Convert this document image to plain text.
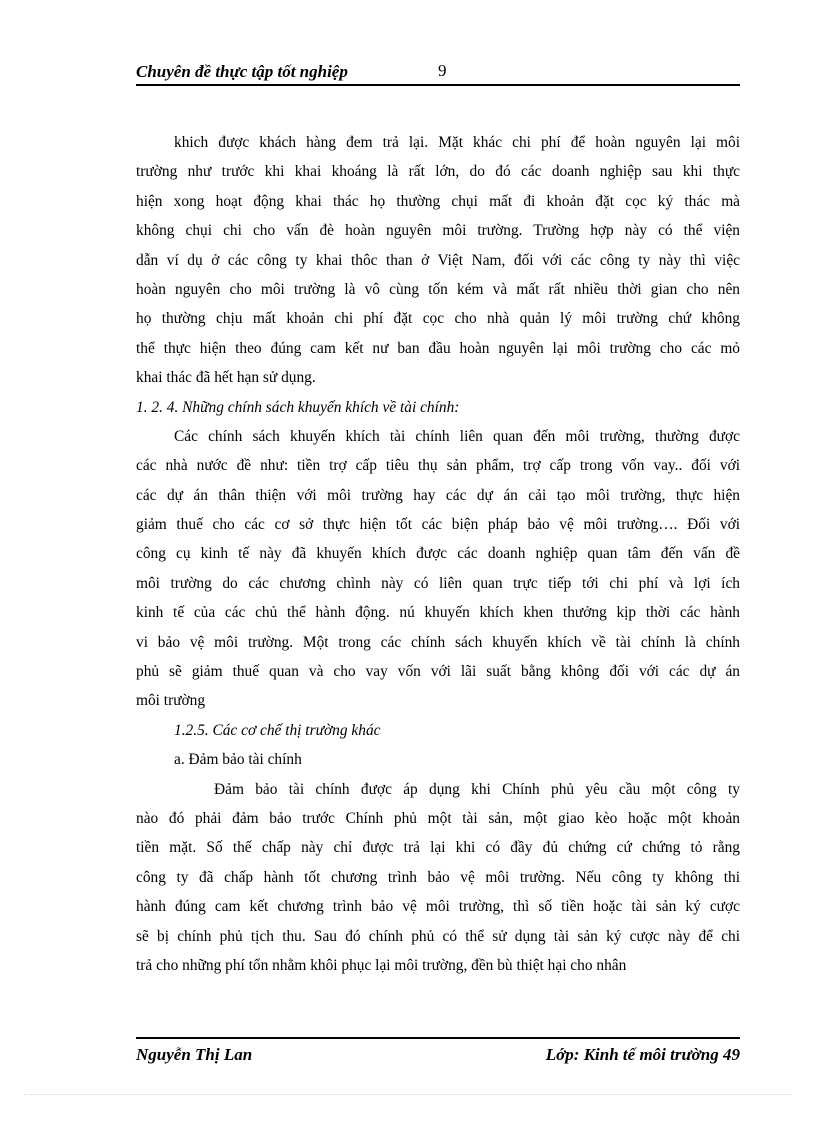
Chuyên đề thực tập tốt nghiệp	9
khich được khách hàng đem trả lại. Mặt khác chi phí để hoàn nguyên lại môi
trường như trước khi khai khoáng là rất lớn, do đó các doanh nghiệp sau khi thực
hiện xong hoạt động khai thác họ thường chụi mất đi khoản đặt cọc ký thác mà
không chụi chi cho vấn đè hoàn nguyên môi trường. Trường hợp này có thể viện
dẫn ví dụ ở các công ty khai thôc than ở Việt Nam, đối với các công ty này thì việc
hoàn nguyên cho môi trường là vô cùng tốn kém và mất rất nhiều thời gian cho nên
họ thường chịu mất khoản chi phí đặt cọc cho nhà quản lý môi trường chứ không
thể thực hiện theo đúng cam kết nư ban đầu hoàn nguyên lại môi trường cho các mỏ
khai thác đã hết hạn sử dụng.
1. 2. 4. Những chính sách khuyến khích về tài chính:
Các chính sách khuyến khích tài chính liên quan đến môi trường, thường được
các nhà nước đề như: tiền trợ cấp tiêu thụ sản phẩm, trợ cấp trong vốn vay.. đối với
các dự án thân thiện với môi trường hay các dự án cải tạo môi trường, thực hiện
giảm thuế cho các cơ sở thực hiện tốt các biện pháp bảo vệ môi trường…. Đối với
công cụ kinh tế này đã khuyến khích được các doanh nghiệp quan tâm đến vấn đề
môi trường do các chương chình này có liên quan trực tiếp tới chi phí và lợi ích
kinh tế của các chủ thể hành động. nú khuyến khích khen thưởng kịp thời các hành
vi bảo vệ môi trường. Một trong các chính sách khuyến khích về tài chính là chính
phủ sẽ giảm thuế quan và cho vay vốn với lãi suất bằng không đối với các dự án
môi trường
1.2.5. Các cơ chế thị trường khác
a. Đảm bảo tài chính
Đảm bảo tài chính được áp dụng khi Chính phủ yêu cầu một công ty
nào đó phải đảm bảo trước Chính phủ một tài sản, một giao kèo hoặc một khoản
tiền mặt. Số thế chấp này chỉ được trả lại khi có đầy đủ chứng cứ chứng tỏ rằng
công ty đã chấp hành tốt chương trình bảo vệ môi trường. Nếu công ty không thi
hành đúng cam kết chương trình bảo vệ môi trường, thì số tiền hoặc tài sản ký cược
sẽ bị chính phủ tịch thu. Sau đó chính phủ có thể sử dụng tài sản ký cược này để chi
trả cho những phí tổn nhằm khôi phục lại môi trường, đền bù thiệt hại cho nhân
Nguyễn Thị Lan	Lớp: Kinh tế môi trường 49
